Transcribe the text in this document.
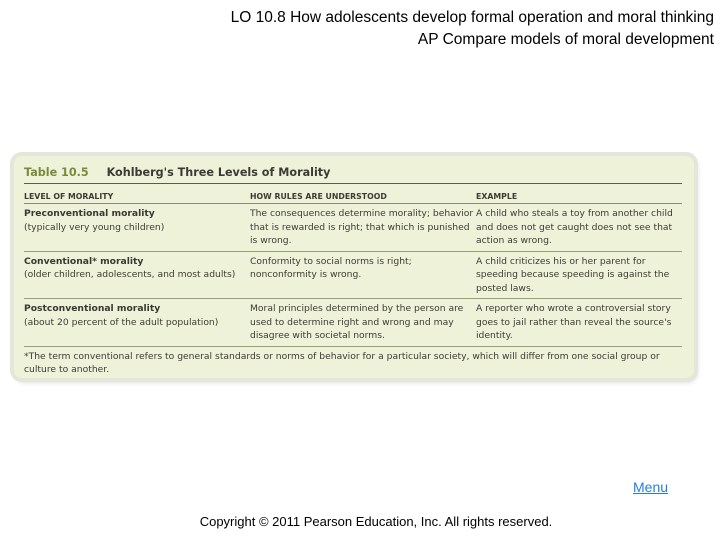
LO 10.8 How adolescents develop formal operation and moral thinking
AP Compare models of moral development
Table 10.5 Kohlberg's Three Levels of Morality
LEVEL OF MORALITY	HOW RULES ARE UNDERSTOOD	EXAMPLE
Preconventional morality
(typically very young children)
The consequences determine morality; behavior that is rewarded is right; that which is punished is wrong.
A child who steals a toy from another child and does not get caught does not see that action as wrong.
Conventional* morality
(older children, adolescents, and most adults)
Conformity to social norms is right; nonconformity is wrong.
A child criticizes his or her parent for speeding because speeding is against the posted laws.
Postconventional morality
(about 20 percent of the adult population)
Moral principles determined by the person are used to determine right and wrong and may disagree with societal norms.
A reporter who wrote a controversial story goes to jail rather than reveal the source's identity.
*The term conventional refers to general standards or norms of behavior for a particular society, which will differ from one social group or culture to another.
Menu
Copyright © 2011 Pearson Education, Inc. All rights reserved.
